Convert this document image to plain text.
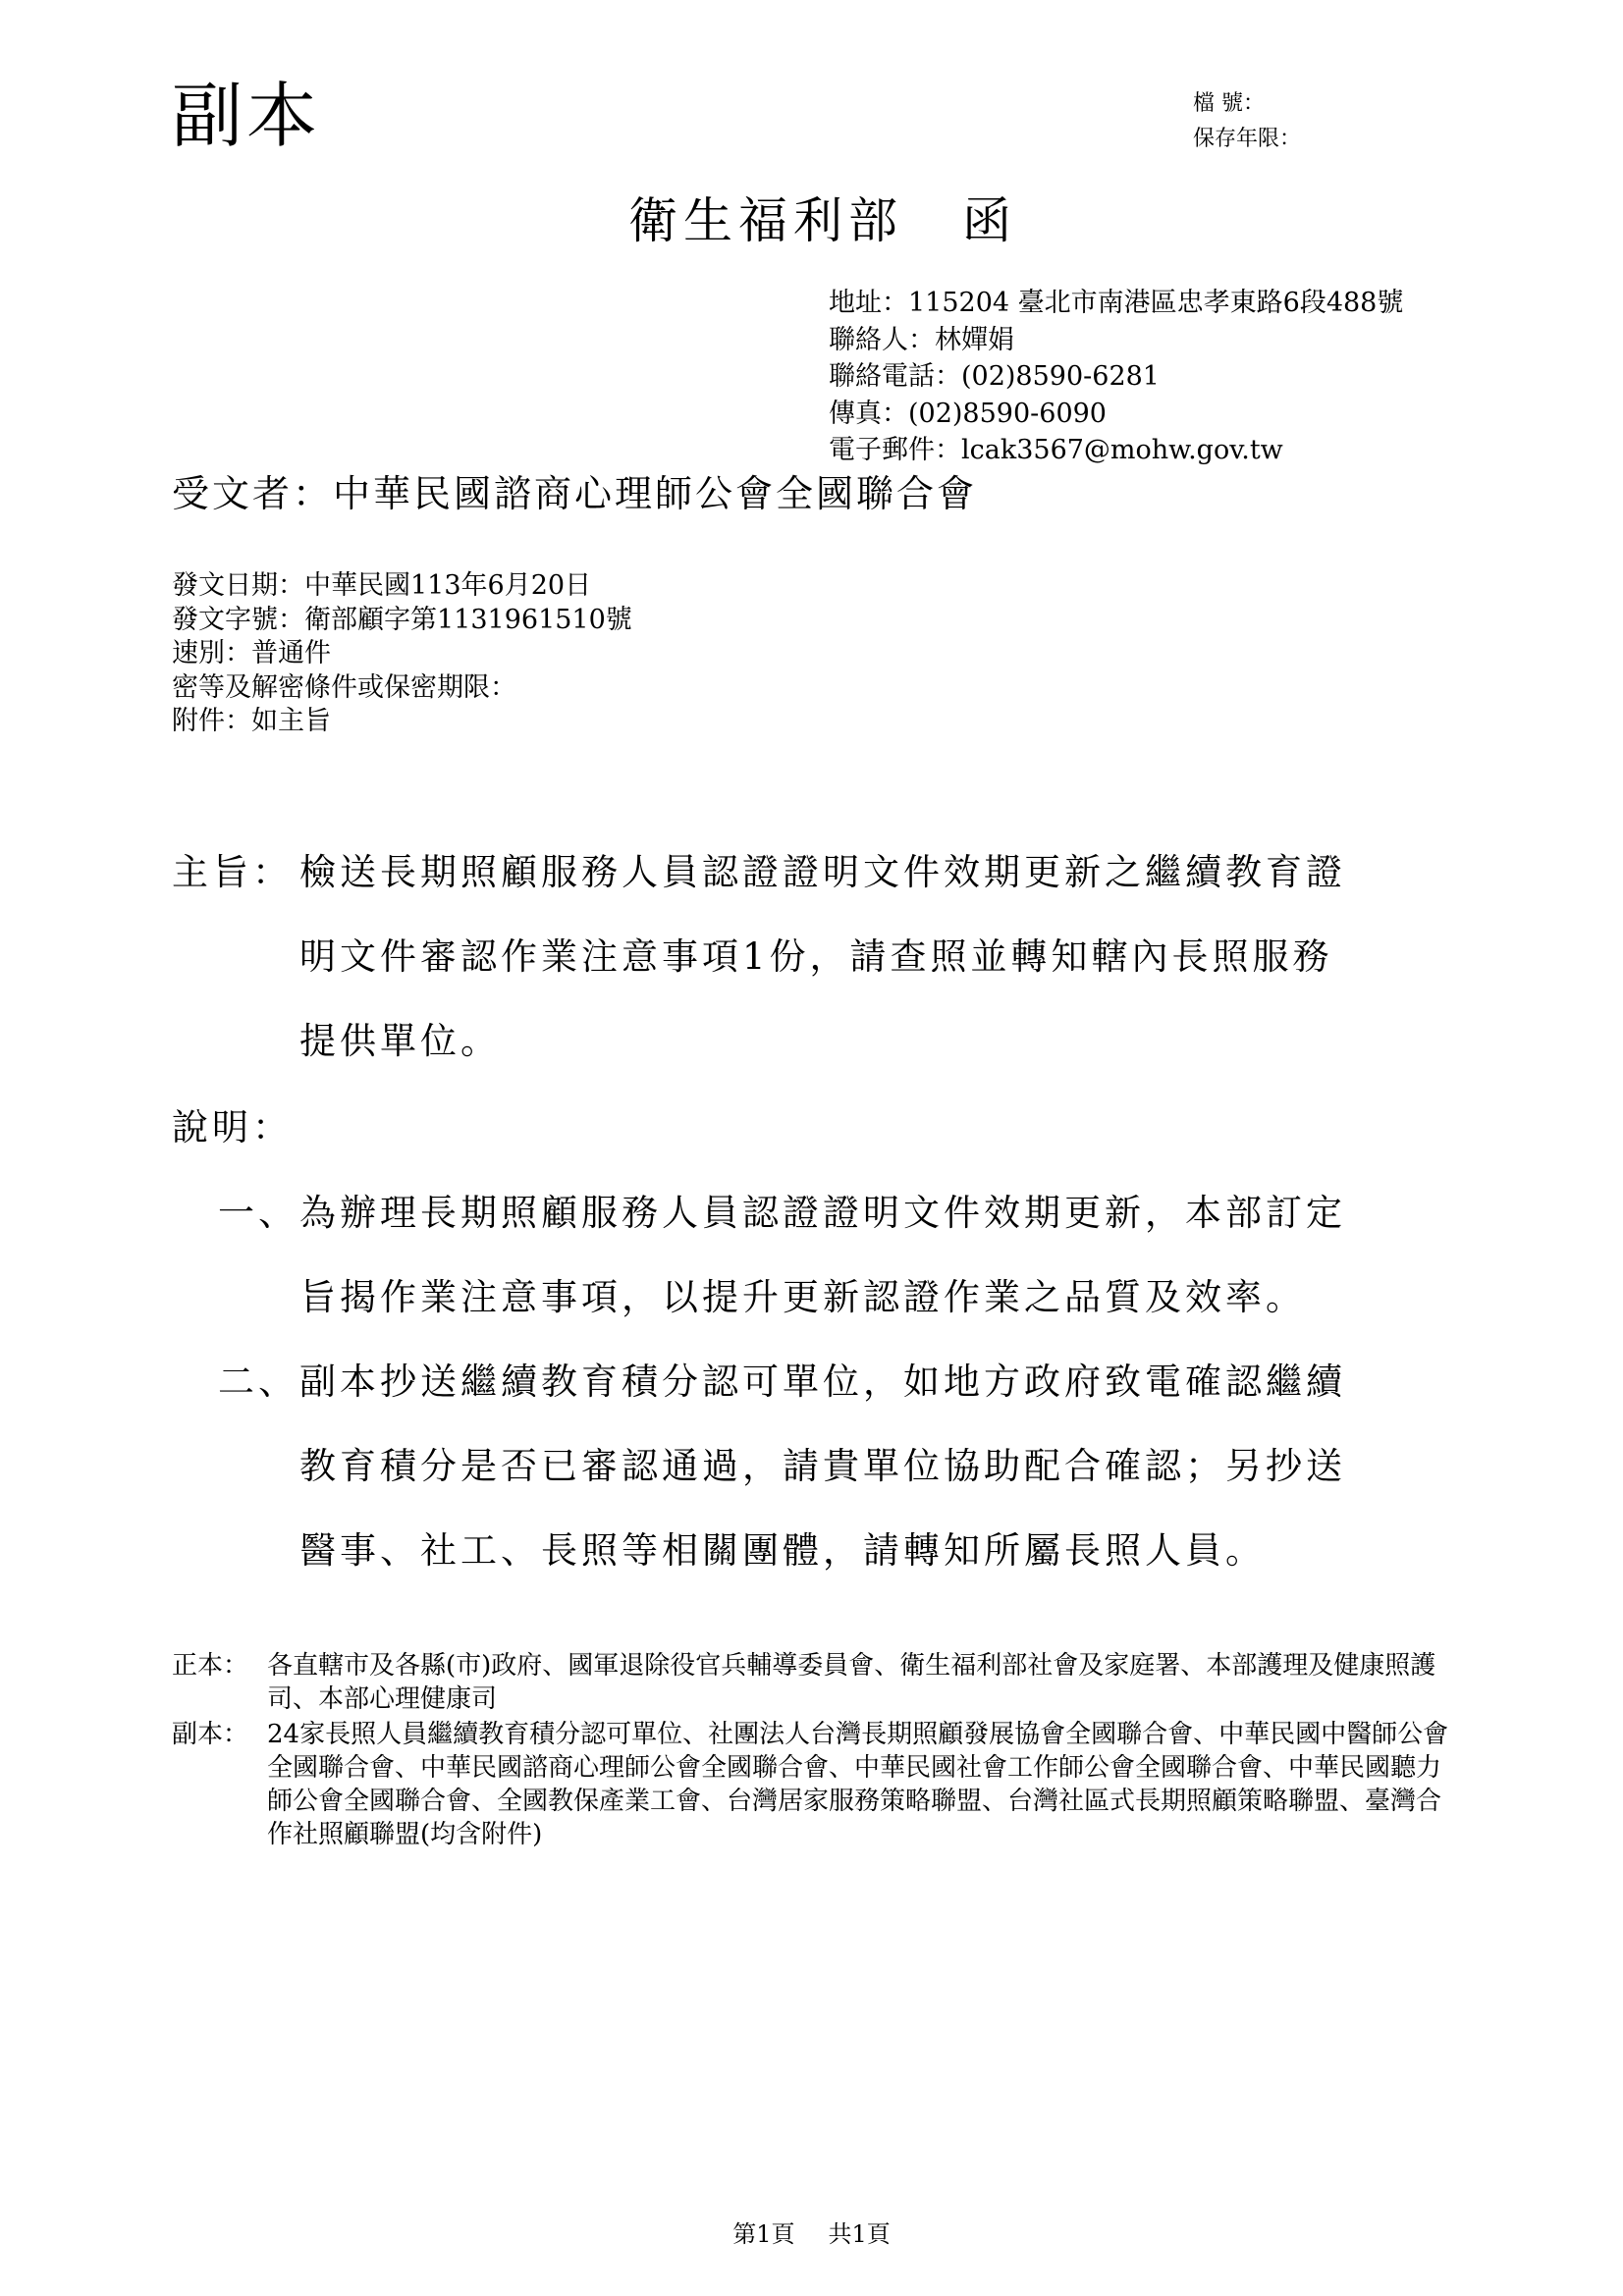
副本	檔 號：
保存年限：
衛生福利部 函
地址：115204 臺北市南港區忠孝東路6段488號
聯絡人：林嬋娟
聯絡電話：(02)8590-6281
傳真：(02)8590-6090
電子郵件：lcak3567@mohw.gov.tw
受文者：中華民國諮商心理師公會全國聯合會
發文日期：中華民國113年6月20日
發文字號：衛部顧字第1131961510號
速別：普通件
密等及解密條件或保密期限：
附件：如主旨
主旨： 檢送長期照顧服務人員認證證明文件效期更新之繼續教育證
明文件審認作業注意事項1份，請查照並轉知轄內長照服務
提供單位。
說明：
一、 為辦理長期照顧服務人員認證證明文件效期更新，本部訂定
旨揭作業注意事項，以提升更新認證作業之品質及效率。
二、 副本抄送繼續教育積分認可單位，如地方政府致電確認繼續
教育積分是否已審認通過，請貴單位協助配合確認；另抄送
醫事、社工、長照等相關團體，請轉知所屬長照人員。
正本： 各直轄市及各縣(市)政府、國軍退除役官兵輔導委員會、衛生福利部社會及家庭署、本部護理及健康照護司、本部心理健康司
副本： 24家長照人員繼續教育積分認可單位、社團法人台灣長期照顧發展協會全國聯合會、中華民國中醫師公會全國聯合會、中華民國諮商心理師公會全國聯合會、中華民國社會工作師公會全國聯合會、中華民國聽力師公會全國聯合會、全國教保產業工會、台灣居家服務策略聯盟、台灣社區式長期照顧策略聯盟、臺灣合作社照顧聯盟(均含附件)
第1頁 共1頁
